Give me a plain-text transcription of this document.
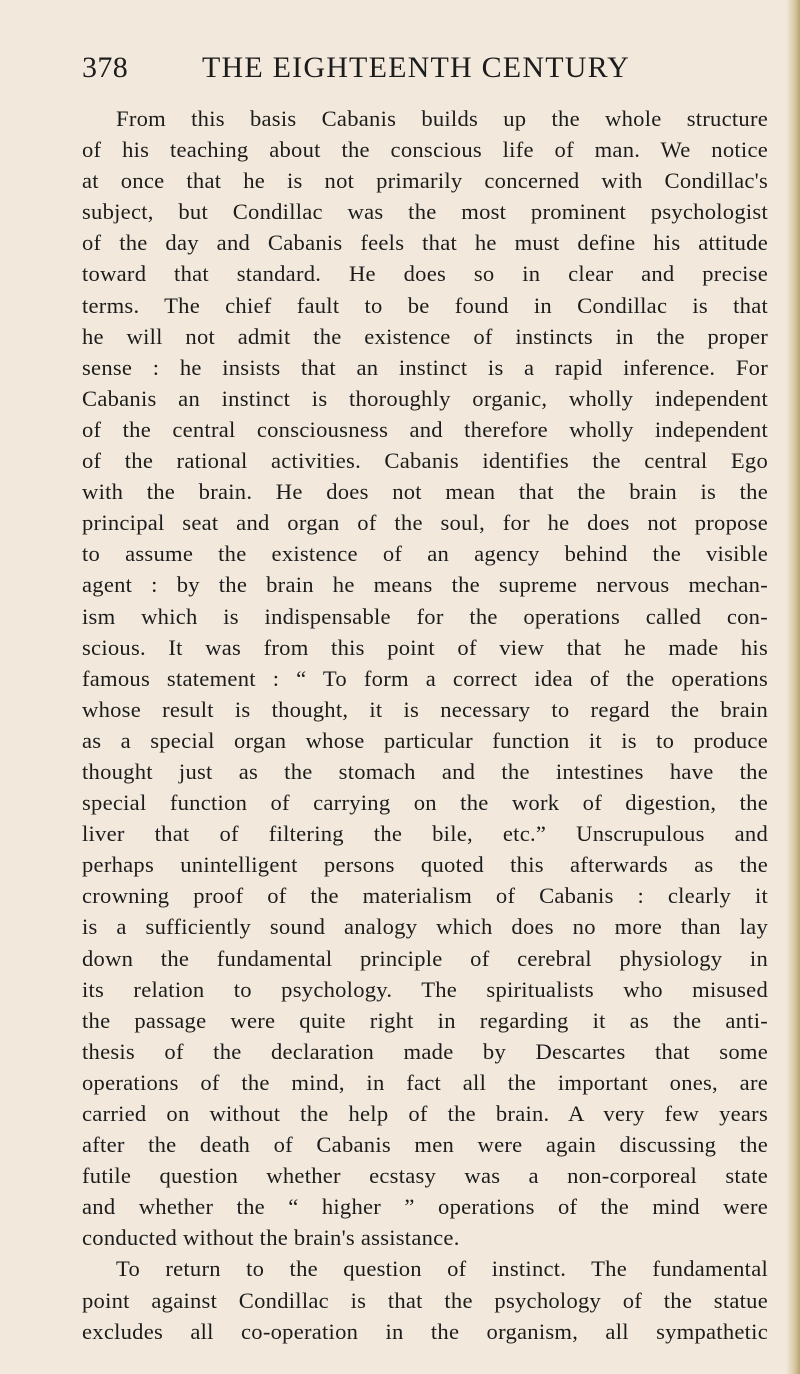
378 THE EIGHTEENTH CENTURY
From this basis Cabanis builds up the whole structure
of his teaching about the conscious life of man. We notice
at once that he is not primarily concerned with Condillac's
subject, but Condillac was the most prominent psychologist
of the day and Cabanis feels that he must define his attitude
toward that standard. He does so in clear and precise
terms. The chief fault to be found in Condillac is that
he will not admit the existence of instincts in the proper
sense : he insists that an instinct is a rapid inference. For
Cabanis an instinct is thoroughly organic, wholly independent
of the central consciousness and therefore wholly independent
of the rational activities. Cabanis identifies the central Ego
with the brain. He does not mean that the brain is the
principal seat and organ of the soul, for he does not propose
to assume the existence of an agency behind the visible
agent : by the brain he means the supreme nervous mechan-
ism which is indispensable for the operations called con-
scious. It was from this point of view that he made his
famous statement : “ To form a correct idea of the operations
whose result is thought, it is necessary to regard the brain
as a special organ whose particular function it is to produce
thought just as the stomach and the intestines have the
special function of carrying on the work of digestion, the
liver that of filtering the bile, etc.” Unscrupulous and
perhaps unintelligent persons quoted this afterwards as the
crowning proof of the materialism of Cabanis : clearly it
is a sufficiently sound analogy which does no more than lay
down the fundamental principle of cerebral physiology in
its relation to psychology. The spiritualists who misused
the passage were quite right in regarding it as the anti-
thesis of the declaration made by Descartes that some
operations of the mind, in fact all the important ones, are
carried on without the help of the brain. A very few years
after the death of Cabanis men were again discussing the
futile question whether ecstasy was a non-corporeal state
and whether the “ higher ” operations of the mind were
conducted without the brain's assistance.
To return to the question of instinct. The fundamental
point against Condillac is that the psychology of the statue
excludes all co-operation in the organism, all sympathetic
